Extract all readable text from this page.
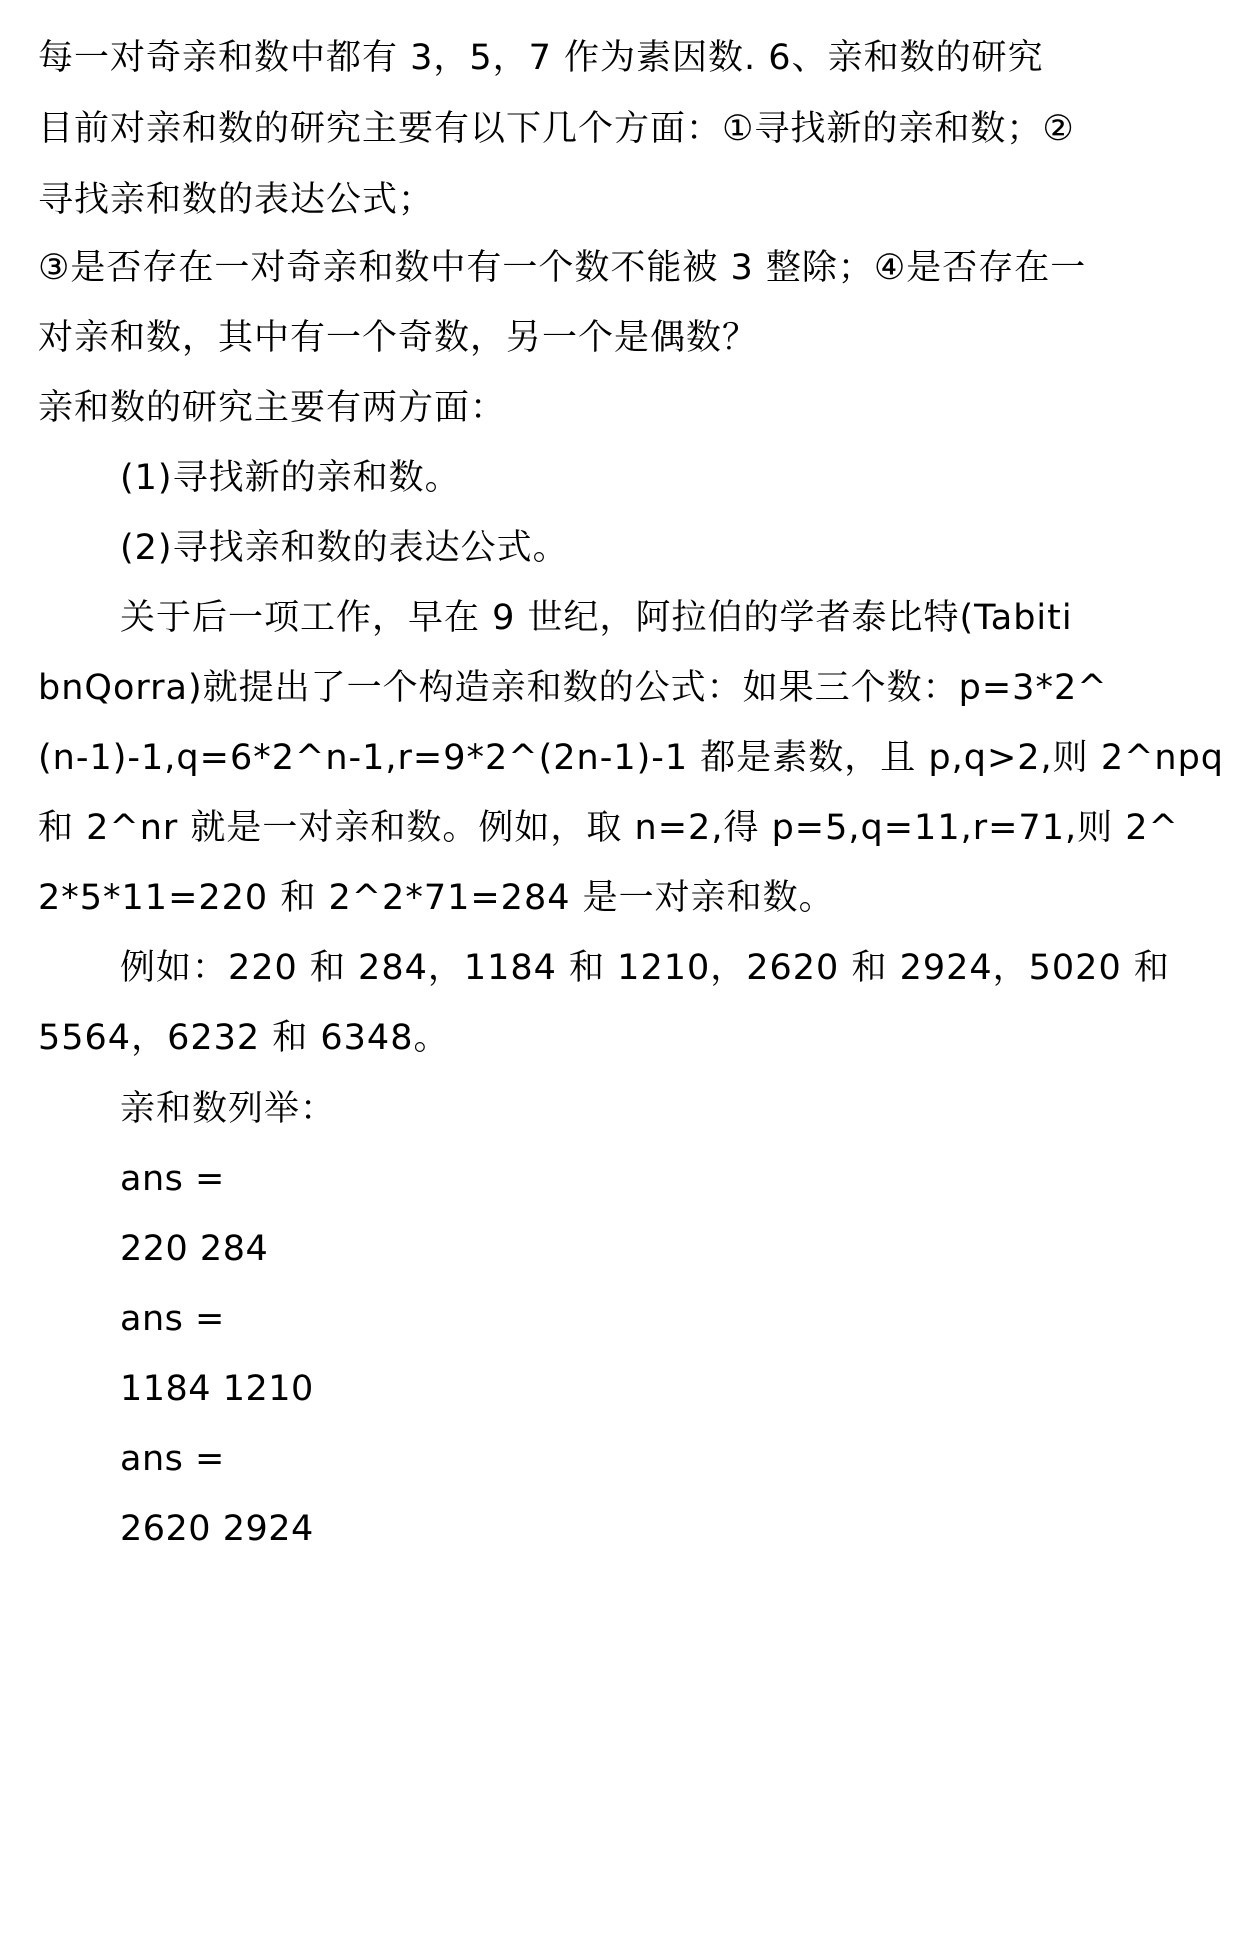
每一对奇亲和数中都有 3，5，7 作为素因数. 6、亲和数的研究
目前对亲和数的研究主要有以下几个方面：①寻找新的亲和数；②
寻找亲和数的表达公式；
③是否存在一对奇亲和数中有一个数不能被 3 整除；④是否存在一
对亲和数，其中有一个奇数，另一个是偶数？
亲和数的研究主要有两方面：
(1)寻找新的亲和数。
(2)寻找亲和数的表达公式。
关于后一项工作，早在 9 世纪，阿拉伯的学者泰比特(Tabiti
bnQorra)就提出了一个构造亲和数的公式：如果三个数：p=3*2^
(n-1)-1,q=6*2^n-1,r=9*2^(2n-1)-1 都是素数，且 p,q>2,则 2^npq
和 2^nr 就是一对亲和数。例如，取 n=2,得 p=5,q=11,r=71,则 2^
2*5*11=220 和 2^2*71=284 是一对亲和数。
例如：220 和 284，1184 和 1210，2620 和 2924，5020 和
5564，6232 和 6348。
亲和数列举：
ans =
220 284
ans =
1184 1210
ans =
2620 2924
